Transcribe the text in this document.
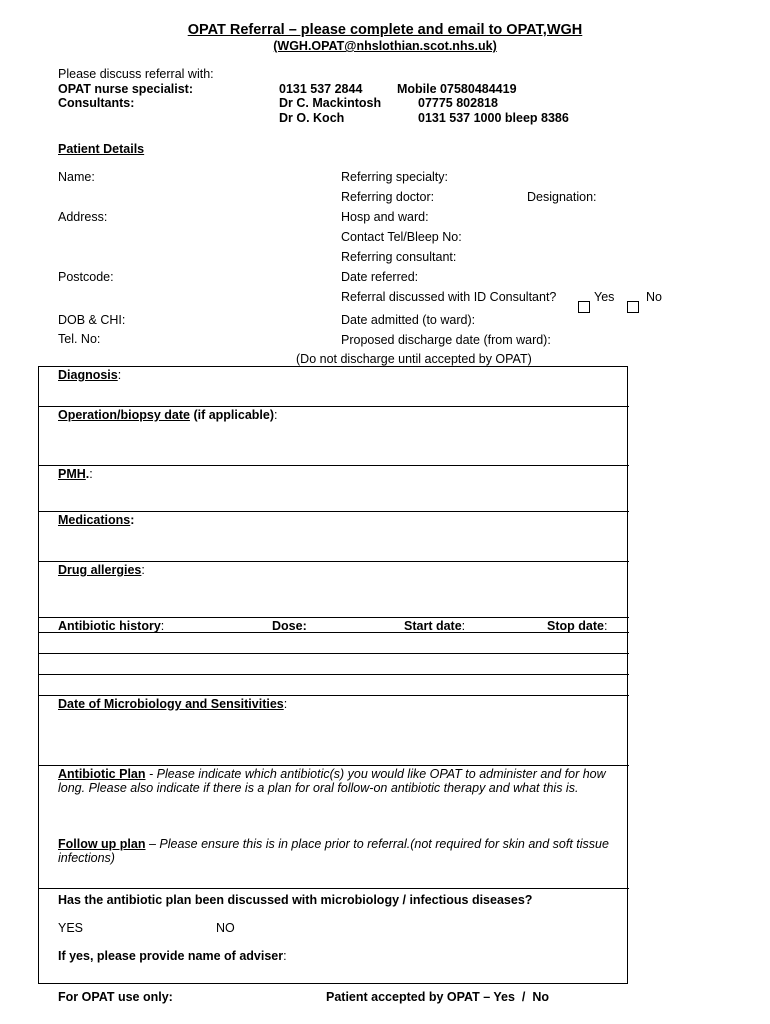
OPAT Referral – please complete and email to OPAT,WGH
(WGH.OPAT@nhslothian.scot.nhs.uk)
Please discuss referral with:
OPAT nurse specialist:	0131 537 2844	Mobile 07580484419
Consultants:	Dr C. Mackintosh	07775 802818
Dr O. Koch	0131 537 1000 bleep 8386
Patient Details
Name:
Address:
Postcode:
DOB & CHI:
Tel. No:
Referring specialty:
Referring doctor:	Designation:
Hosp and ward:
Contact Tel/Bleep No:
Referring consultant:
Date referred:
Referral discussed with ID Consultant?	Yes	No
Date admitted (to ward):
Proposed discharge date (from ward):
(Do not discharge until accepted by OPAT)
Diagnosis:
Operation/biopsy date (if applicable):
PMH.:
Medications:
Drug allergies:
Antibiotic history:	Dose:	Start date:	Stop date:
Date of Microbiology and Sensitivities:
Antibiotic Plan - Please indicate which antibiotic(s) you would like OPAT to administer and for how long. Please also indicate if there is a plan for oral follow-on antibiotic therapy and what this is.
Follow up plan – Please ensure this is in place prior to referral.(not required for skin and soft tissue infections)
Has the antibiotic plan been discussed with microbiology / infectious diseases?
YES	NO
If yes, please provide name of adviser:
For OPAT use only:	Patient accepted by OPAT – Yes  /  No
